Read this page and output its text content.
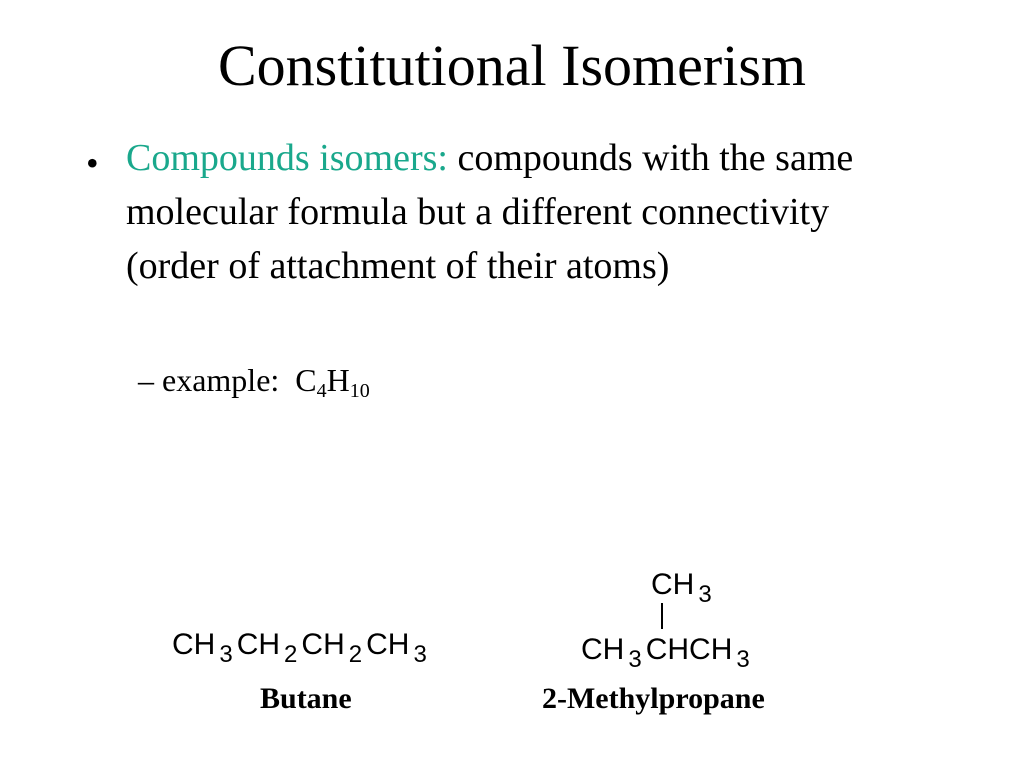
Constitutional Isomerism
• Compounds isomers: compounds with the same molecular formula but a different connectivity (order of attachment of their atoms)
– example:  $C_4H_{10}$
CH $_3$ CH $_2$ CH $_2$ CH $_3$
Butane
CH $_3$
CH $_3$ CHCH $_3$
2-Methylpropane
